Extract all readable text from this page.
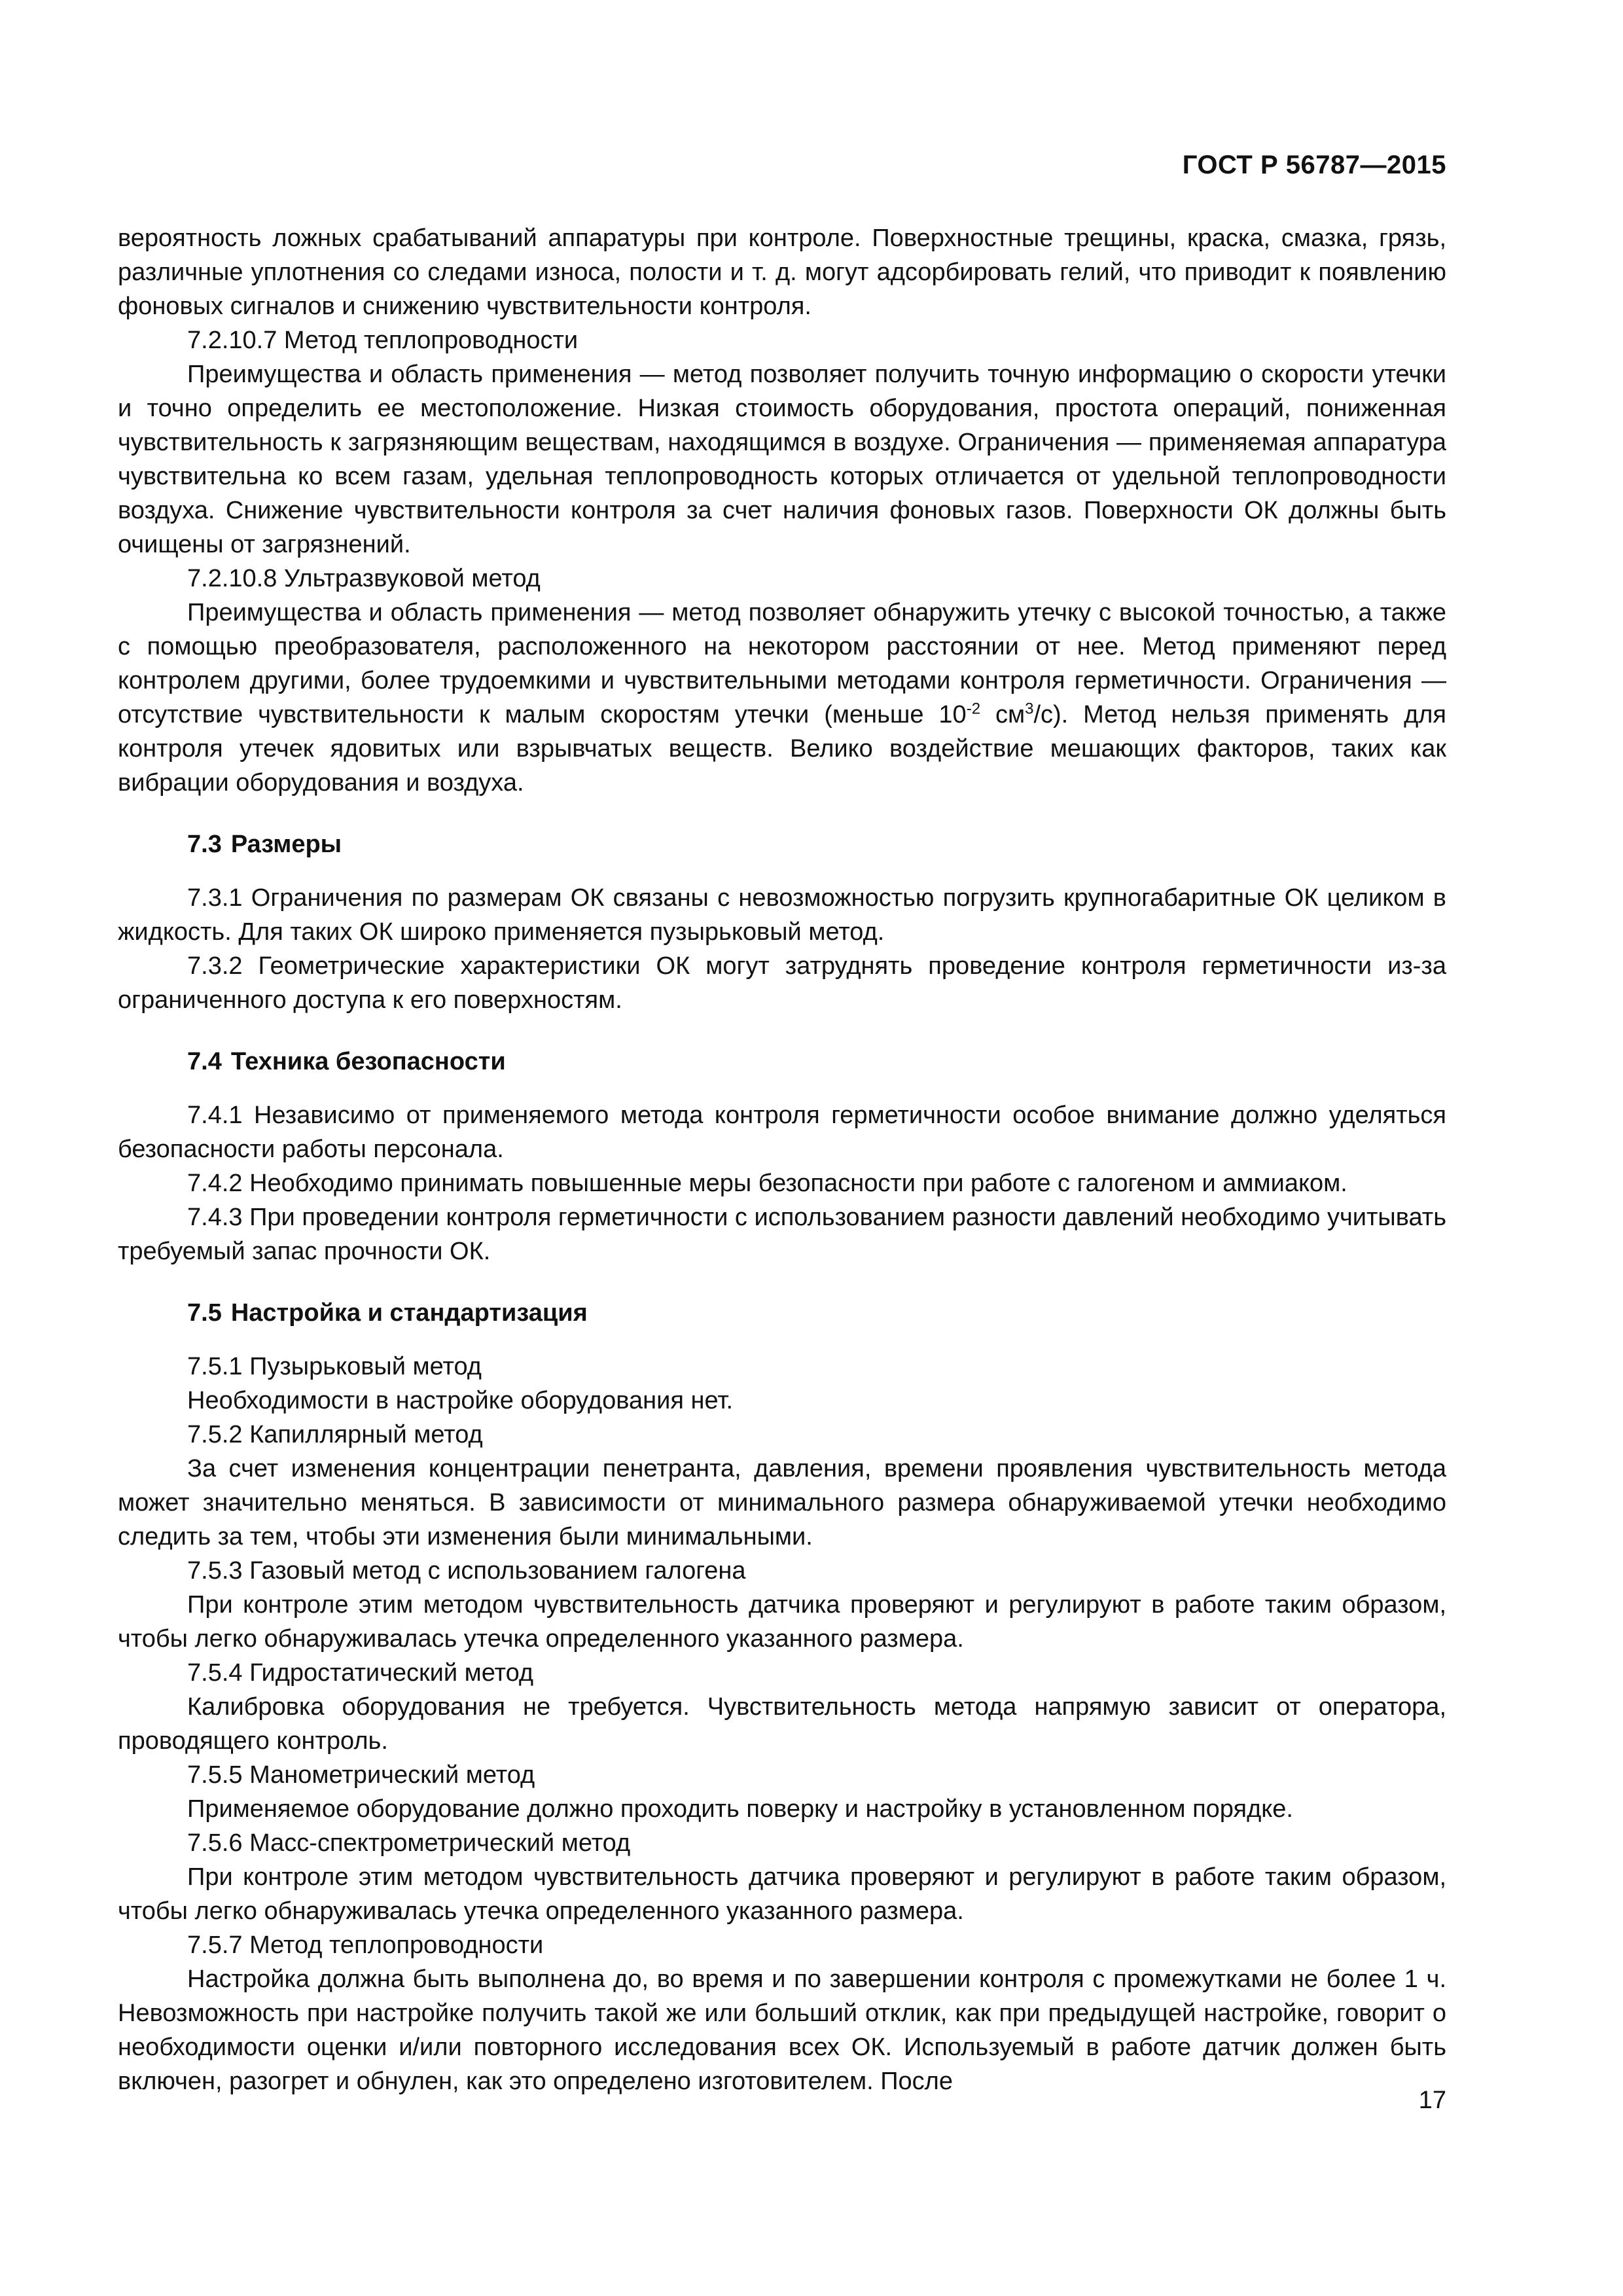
ГОСТ Р 56787—2015

вероятность ложных срабатываний аппаратуры при контроле. Поверхностные трещины, краска, смазка, грязь, различные уплотнения со следами износа, полости и т. д. могут адсорбировать гелий, что приводит к появлению фоновых сигналов и снижению чувствительности контроля.

7.2.10.7 Метод теплопроводности

Преимущества и область применения — метод позволяет получить точную информацию о скорости утечки и точно определить ее местоположение. Низкая стоимость оборудования, простота операций, пониженная чувствительность к загрязняющим веществам, находящимся в воздухе. Ограничения — применяемая аппаратура чувствительна ко всем газам, удельная теплопроводность которых отличается от удельной теплопроводности воздуха. Снижение чувствительности контроля за счет наличия фоновых газов. Поверхности ОК должны быть очищены от загрязнений.

7.2.10.8 Ультразвуковой метод

Преимущества и область применения — метод позволяет обнаружить утечку с высокой точностью, а также с помощью преобразователя, расположенного на некотором расстоянии от нее. Метод применяют перед контролем другими, более трудоемкими и чувствительными методами контроля герметичности. Ограничения — отсутствие чувствительности к малым скоростям утечки (меньше $10^{-2}$ $см^3/с$). Метод нельзя применять для контроля утечек ядовитых или взрывчатых веществ. Велико воздействие мешающих факторов, таких как вибрации оборудования и воздуха.

7.3 Размеры

7.3.1 Ограничения по размерам ОК связаны с невозможностью погрузить крупногабаритные ОК целиком в жидкость. Для таких ОК широко применяется пузырьковый метод.

7.3.2 Геометрические характеристики ОК могут затруднять проведение контроля герметичности из-за ограниченного доступа к его поверхностям.

7.4 Техника безопасности

7.4.1 Независимо от применяемого метода контроля герметичности особое внимание должно уделяться безопасности работы персонала.

7.4.2 Необходимо принимать повышенные меры безопасности при работе с галогеном и аммиаком.

7.4.3 При проведении контроля герметичности с использованием разности давлений необходимо учитывать требуемый запас прочности ОК.

7.5 Настройка и стандартизация

7.5.1 Пузырьковый метод

Необходимости в настройке оборудования нет.

7.5.2 Капиллярный метод

За счет изменения концентрации пенетранта, давления, времени проявления чувствительность метода может значительно меняться. В зависимости от минимального размера обнаруживаемой утечки необходимо следить за тем, чтобы эти изменения были минимальными.

7.5.3 Газовый метод с использованием галогена

При контроле этим методом чувствительность датчика проверяют и регулируют в работе таким образом, чтобы легко обнаруживалась утечка определенного указанного размера.

7.5.4 Гидростатический метод

Калибровка оборудования не требуется. Чувствительность метода напрямую зависит от оператора, проводящего контроль.

7.5.5 Манометрический метод

Применяемое оборудование должно проходить поверку и настройку в установленном порядке.

7.5.6 Масс-спектрометрический метод

При контроле этим методом чувствительность датчика проверяют и регулируют в работе таким образом, чтобы легко обнаруживалась утечка определенного указанного размера.

7.5.7 Метод теплопроводности

Настройка должна быть выполнена до, во время и по завершении контроля с промежутками не более 1 ч. Невозможность при настройке получить такой же или больший отклик, как при предыдущей настройке, говорит о необходимости оценки и/или повторного исследования всех ОК. Используемый в работе датчик должен быть включен, разогрет и обнулен, как это определено изготовителем. После

17
